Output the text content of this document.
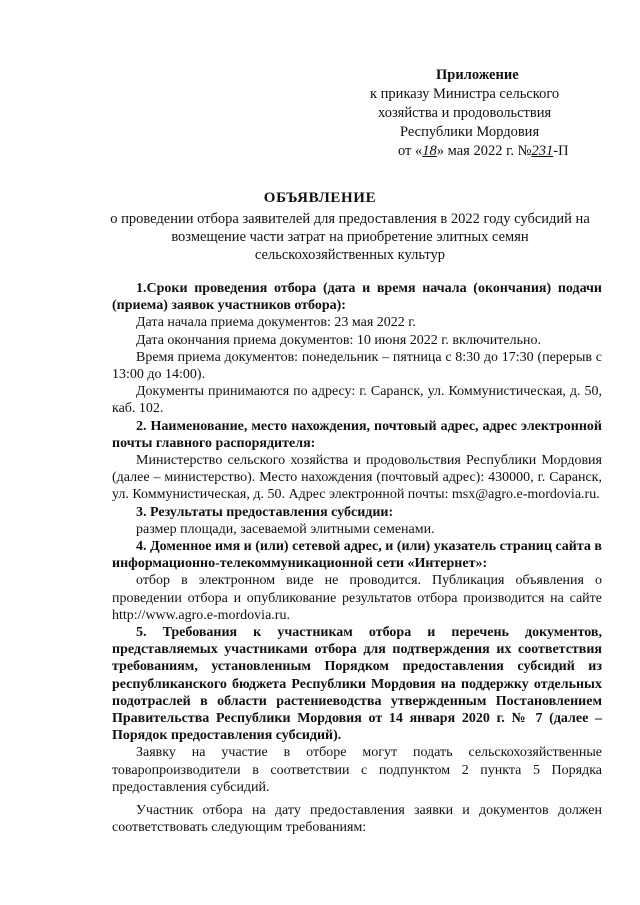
Приложение
к приказу Министра сельского
хозяйства и продовольствия
Республики Мордовия
от «18» мая 2022 г. №231-П
ОБЪЯВЛЕНИЕ
о проведении отбора заявителей для предоставления в 2022 году субсидий на возмещение части затрат на приобретение элитных семян сельскохозяйственных культур

1.Сроки проведения отбора (дата и время начала (окончания) подачи (приема) заявок участников отбора):

Дата начала приема документов: 23 мая 2022 г.

Дата окончания приема документов: 10 июня 2022 г. включительно.

Время приема документов: понедельник – пятница с 8:30 до 17:30 (перерыв с 13:00 до 14:00).

Документы принимаются по адресу: г. Саранск, ул. Коммунистическая, д. 50, каб. 102.

2. Наименование, место нахождения, почтовый адрес, адрес электронной почты главного распорядителя:

Министерство сельского хозяйства и продовольствия Республики Мордовия (далее – министерство). Место нахождения (почтовый адрес): 430000, г. Саранск, ул. Коммунистическая, д. 50. Адрес электронной почты: msx@agro.e-mordovia.ru.

3. Результаты предоставления субсидии:

размер площади, засеваемой элитными семенами.

4. Доменное имя и (или) сетевой адрес, и (или) указатель страниц сайта в информационно-телекоммуникационной сети «Интернет»:

отбор в электронном виде не проводится. Публикация объявления о проведении отбора и опубликование результатов отбора производится на сайте http://www.agro.e-mordovia.ru.

5. Требования к участникам отбора и перечень документов, представляемых участниками отбора для подтверждения их соответствия требованиям, установленным Порядком предоставления субсидий из республиканского бюджета Республики Мордовия на поддержку отдельных подотраслей в области растениеводства утвержденным Постановлением Правительства Республики Мордовия от 14 января 2020 г. № 7 (далее – Порядок предоставления субсидий).

Заявку на участие в отборе могут подать сельскохозяйственные товаропроизводители в соответствии с подпунктом 2 пункта 5 Порядка предоставления субсидий.

Участник отбора на дату предоставления заявки и документов должен соответствовать следующим требованиям:
